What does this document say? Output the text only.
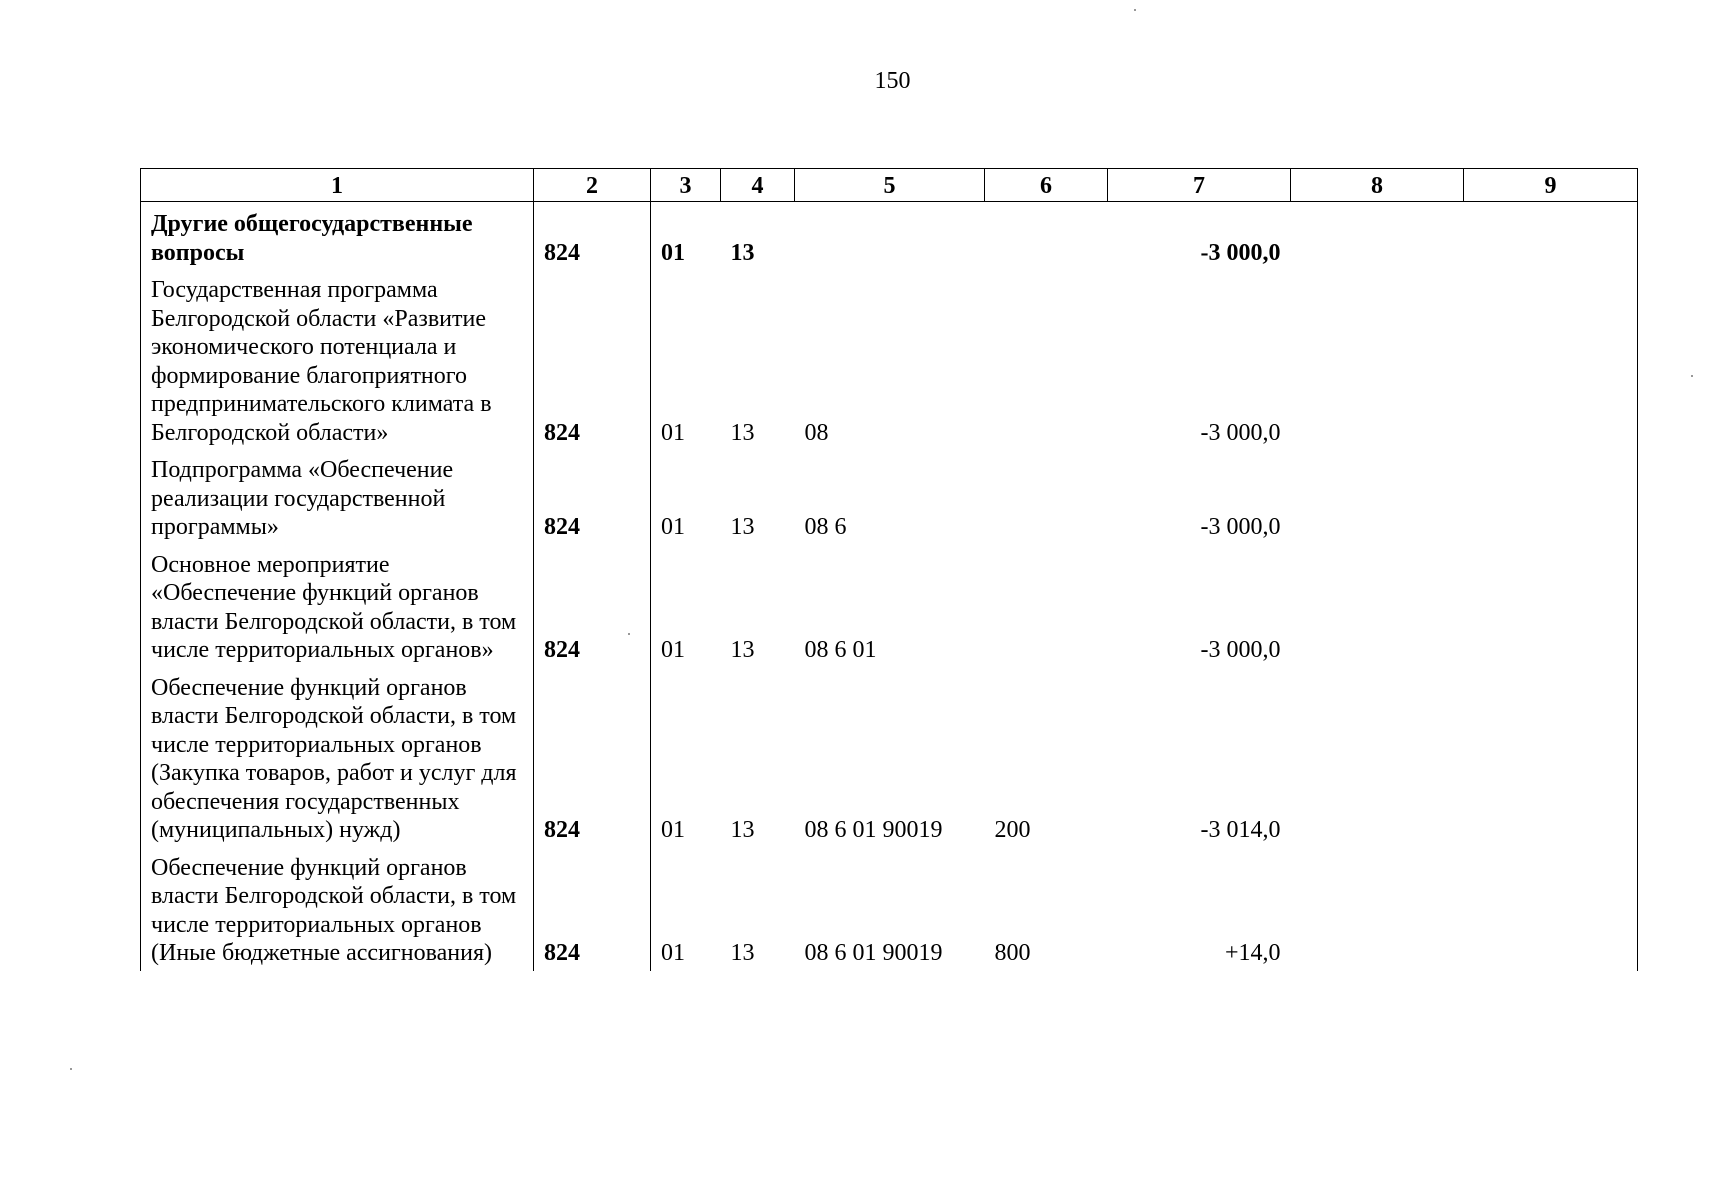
150
1	2	3	4	5	6	7	8	9
Другие общегосударственные вопросы	824	01	13			-3 000,0		
Государственная программа Белгородской области «Развитие экономического потенциала и формирование благоприятного предпринимательского климата в Белгородской области»	824	01	13	08		-3 000,0		
Подпрограмма «Обеспечение реализации государственной программы»	824	01	13	08 6		-3 000,0		
Основное мероприятие «Обеспечение функций органов власти Белгородской области, в том числе территориальных органов»	824	01	13	08 6 01		-3 000,0		
Обеспечение функций органов власти Белгородской области, в том числе территориальных органов (Закупка товаров, работ и услуг для обеспечения государственных (муниципальных) нужд)	824	01	13	08 6 01 90019	200	-3 014,0		
Обеспечение функций органов власти Белгородской области, в том числе территориальных органов (Иные бюджетные ассигнования)	824	01	13	08 6 01 90019	800	+14,0		
